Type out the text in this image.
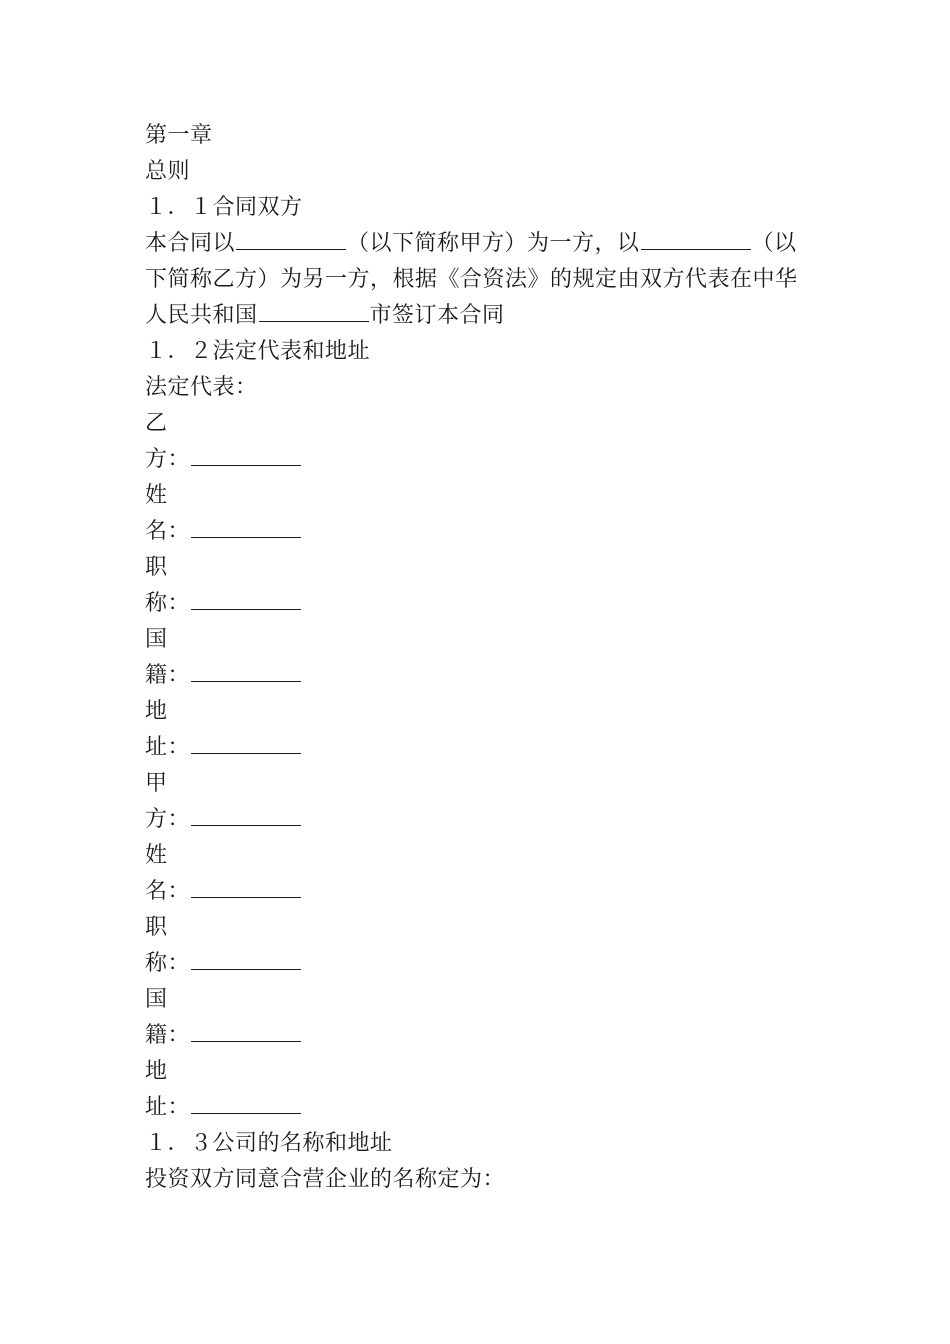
第一章
总则
１．１合同双方
本合同以	（以下简称甲方）为一方，以	（以
下简称乙方）为另一方，根据《合资法》的规定由双方代表在中华
人民共和国	市签订本合同
１．２法定代表和地址
法定代表：
乙
方：
姓
名：
职
称：
国
籍：
地
址：
甲
方：
姓
名：
职
称：
国
籍：
地
址：
１．３公司的名称和地址
投资双方同意合营企业的名称定为：
